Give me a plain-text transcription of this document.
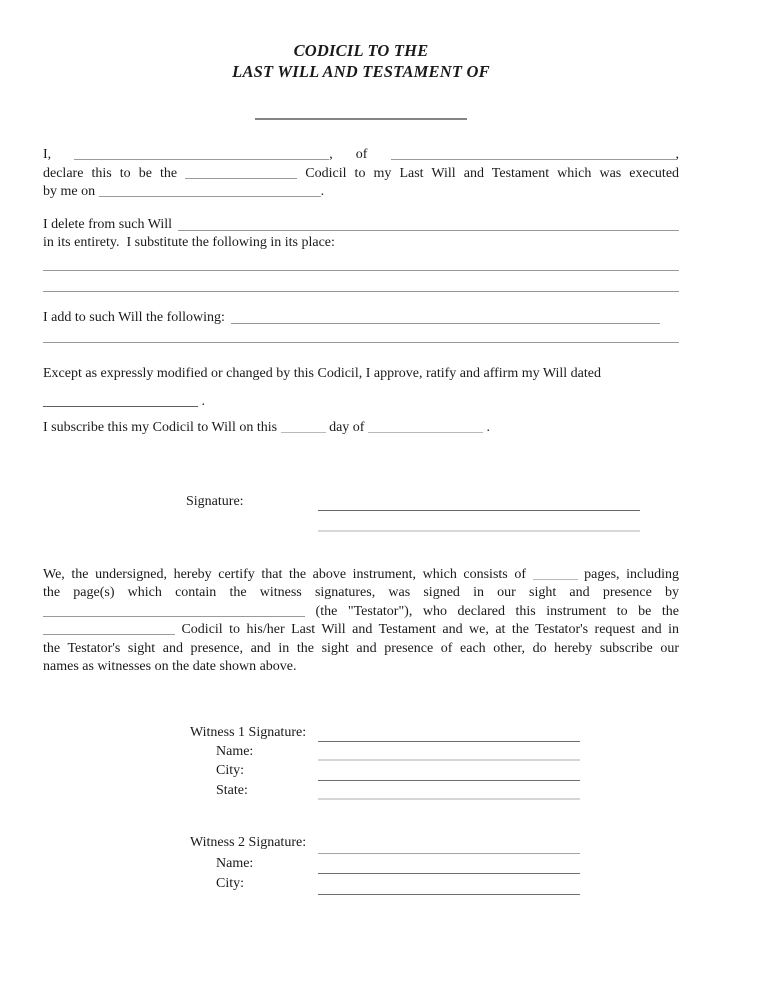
CODICIL TO THE
LAST WILL AND TESTAMENT OF
I,	, of	,
declare this to be the	Codicil to my Last Will and Testament which was executed
by me on	.
I delete from such Will
in its entirety.  I substitute the following in its place:
I add to such Will the following:
Except as expressly modified or changed by this Codicil, I approve, ratify and affirm my Will dated
.
I subscribe this my Codicil to Will on this	day of	.
Signature:
We, the undersigned, hereby certify that the above instrument, which consists of	pages, including
the page(s) which contain the witness signatures, was signed in our sight and presence by
(the "Testator"), who declared this instrument to be the
Codicil to his/her Last Will and Testament and we, at the Testator's request and in
the Testator's sight and presence, and in the sight and presence of each other, do hereby subscribe our
names as witnesses on the date shown above.
Witness 1 Signature:
Name:
City:
State:
Witness 2 Signature:
Name:
City:
